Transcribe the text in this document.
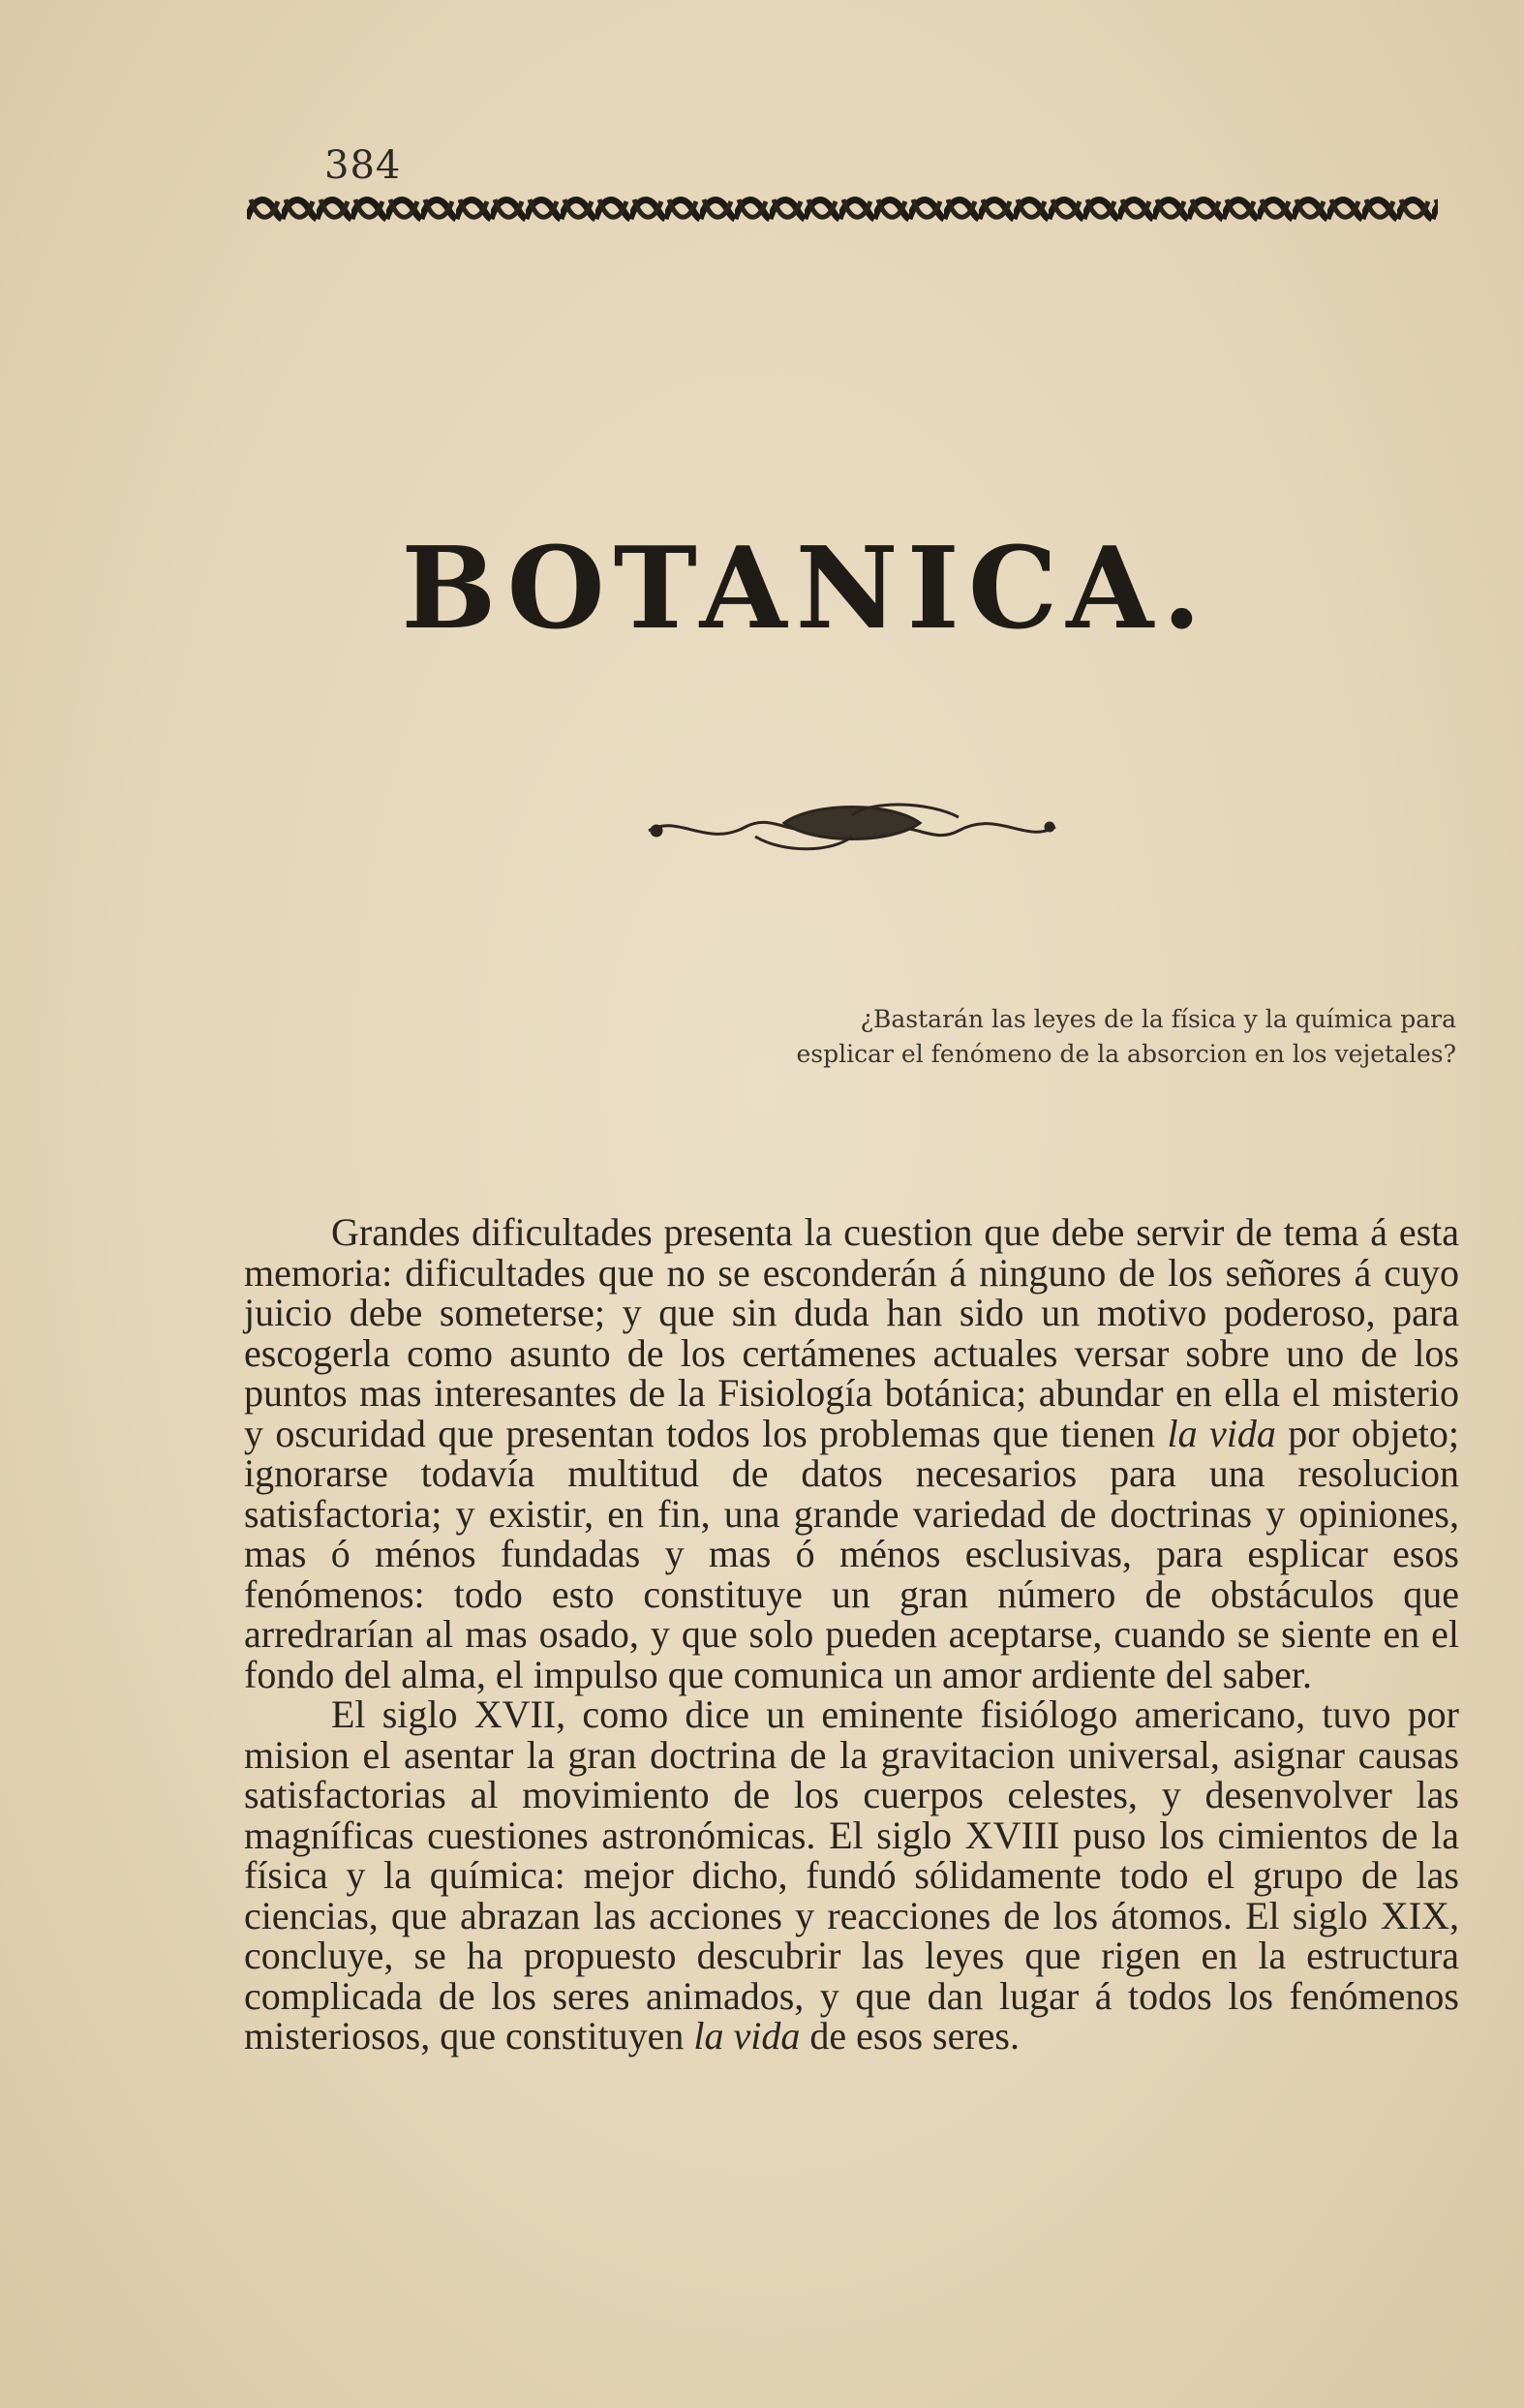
384
BOTANICA.
¿Bastarán las leyes de la física y la química para
esplicar el fenómeno de la absorcion en los vejetales?

Grandes dificultades presenta la cuestion que debe servir de tema á esta memoria: dificultades que no se esconderán á ninguno de los señores á cuyo juicio debe someterse; y que sin duda han sido un motivo poderoso, para escogerla como asunto de los certámenes actuales versar sobre uno de los puntos mas interesantes de la Fisiología botánica; abundar en ella el misterio y oscuridad que presentan todos los problemas que tienen la vida por objeto; ignorarse todavía multitud de datos necesarios para una resolucion satisfactoria; y existir, en fin, una grande variedad de doctrinas y opiniones, mas ó ménos fundadas y mas ó ménos esclusivas, para esplicar esos fenómenos: todo esto constituye un gran número de obstáculos que arredrarían al mas osado, y que solo pueden aceptarse, cuando se siente en el fondo del alma, el impulso que comunica un amor ardiente del saber.

El siglo XVII, como dice un eminente fisiólogo americano, tuvo por mision el asentar la gran doctrina de la gravitacion universal, asignar causas satisfactorias al movimiento de los cuerpos celestes, y desenvolver las magníficas cuestiones astronómicas. El siglo XVIII puso los cimientos de la física y la química: mejor dicho, fundó sólidamente todo el grupo de las ciencias, que abrazan las acciones y reacciones de los átomos. El siglo XIX, concluye, se ha propuesto descubrir las leyes que rigen en la estructura complicada de los seres animados, y que dan lugar á todos los fenómenos misteriosos, que constituyen la vida de esos seres.
